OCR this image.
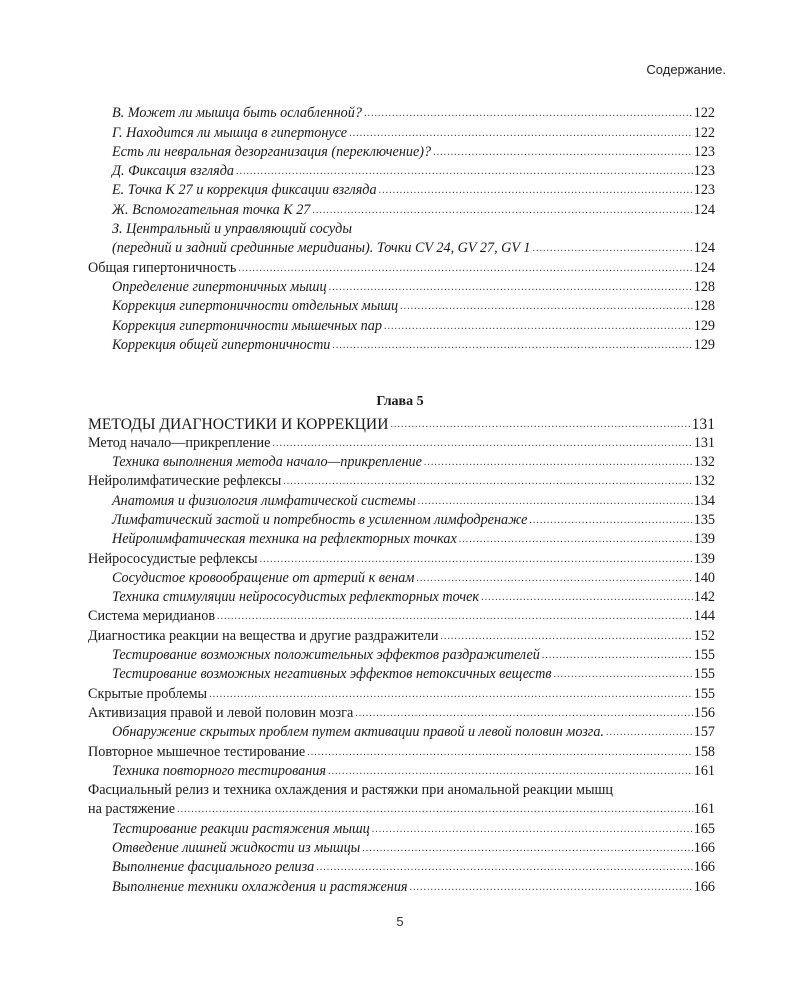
Содержание.
В. Может ли мышца быть ослабленной? .....	122
Г. Находится ли мышца в гипертонусе .....	122
Есть ли невральная дезорганизация (переключение)? .....	123
Д. Фиксация взгляда .....	123
Е. Точка К 27 и коррекция фиксации взгляда .....	123
Ж. Вспомогательная точка К 27 .....	124
З. Центральный и управляющий сосуды
(передний и задний срединные меридианы). Точки CV 24, GV 27, GV 1 .....	124
Общая гипертоничность .....	124
Определение гипертоничных мышц .....	128
Коррекция гипертоничности отдельных мышц .....	128
Коррекция гипертоничности мышечных пар .....	129
Коррекция общей гипертоничности .....	129
Глава 5
МЕТОДЫ ДИАГНОСТИКИ И КОРРЕКЦИИ .....	131
Метод начало—прикрепление .....	131
Техника выполнения метода начало—прикрепление .....	132
Нейролимфатические рефлексы .....	132
Анатомия и физиология лимфатической системы .....	134
Лимфатический застой и потребность в усиленном лимфодренаже .....	135
Нейролимфатическая техника на рефлекторных точках .....	139
Нейрососудистые рефлексы .....	139
Сосудистое кровообращение от артерий к венам .....	140
Техника стимуляции нейрососудистых рефлекторных точек .....	142
Система меридианов .....	144
Диагностика реакции на вещества и другие раздражители .....	152
Тестирование возможных положительных эффектов раздражителей .....	155
Тестирование возможных негативных эффектов нетоксичных веществ .....	155
Скрытые проблемы .....	155
Активизация правой и левой половин мозга .....	156
Обнаружение скрытых проблем путем активации правой и левой половин мозга. .....	157
Повторное мышечное тестирование .....	158
Техника повторного тестирования .....	161
Фасциальный релиз и техника охлаждения и растяжки при аномальной реакции мышц
на растяжение .....	161
Тестирование реакции растяжения мышц .....	165
Отведение лишней жидкости из мышцы .....	166
Выполнение фасциального релиза .....	166
Выполнение техники охлаждения и растяжения .....	166
5
